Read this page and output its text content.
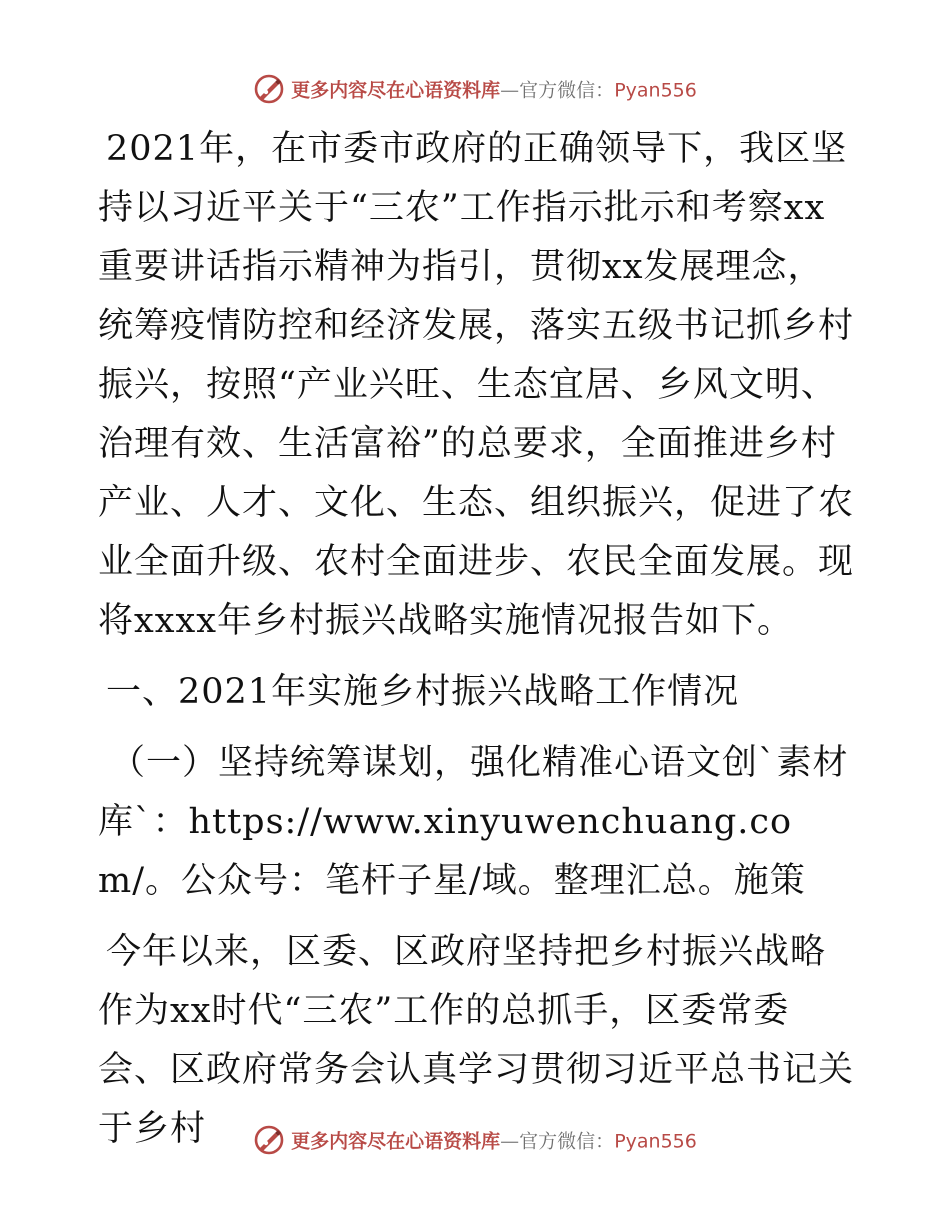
更多内容尽在心语资料库—官方微信：Pyan556

2021年，在市委市政府的正确领导下，我区坚持以习近平关于“三农”工作指示批示和考察xx重要讲话指示精神为指引，贯彻xx发展理念，统筹疫情防控和经济发展，落实五级书记抓乡村振兴，按照“产业兴旺、生态宜居、乡风文明、治理有效、生活富裕”的总要求，全面推进乡村产业、人才、文化、生态、组织振兴，促进了农业全面升级、农村全面进步、农民全面发展。现将xxxx年乡村振兴战略实施情况报告如下。

一、2021年实施乡村振兴战略工作情况

（一）坚持统筹谋划，强化精准心语文创`素材库`：https://www.xinyuwenchuang.com/。公众号：笔杆子星/域。整理汇总。施策

今年以来，区委、区政府坚持把乡村振兴战略作为xx时代“三农”工作的总抓手，区委常委会、区政府常务会认真学习贯彻习近平总书记关于乡村	更多内容尽在心语资料库—官方微信：Pyan556
